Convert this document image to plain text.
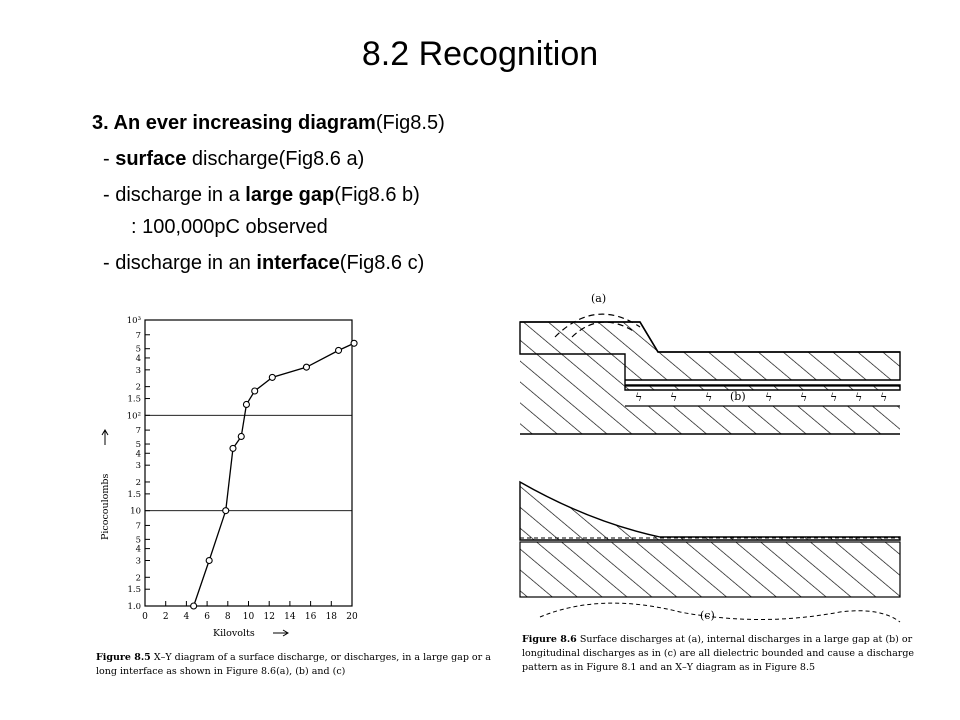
8.2 Recognition
3. An ever increasing diagram(Fig8.5)
- surface discharge(Fig8.6 a)
- discharge in a large gap(Fig8.6 b)
: 100,000pC observed
- discharge in an interface(Fig8.6 c)
1.0
1.5
2
3
4
5
7
10
1.5
2
3
4
5
7
10²
1.5
2
3
4
5
7
10³
0 2 4 6 8 10 12 14 16 18 20
Kilovolts
Picocoulombs
Figure 8.5 X–Y diagram of a surface discharge, or discharges, in a large gap or a
long interface as shown in Figure 8.6(a), (b) and (c)
(a)
ϟ	ϟ	ϟ	ϟ	ϟ ϟ ϟ ϟ
(b)
(c)
Figure 8.6 Surface discharges at (a), internal discharges in a large gap at (b) or
longitudinal discharges as in (c) are all dielectric bounded and cause a discharge
pattern as in Figure 8.1 and an X–Y diagram as in Figure 8.5
